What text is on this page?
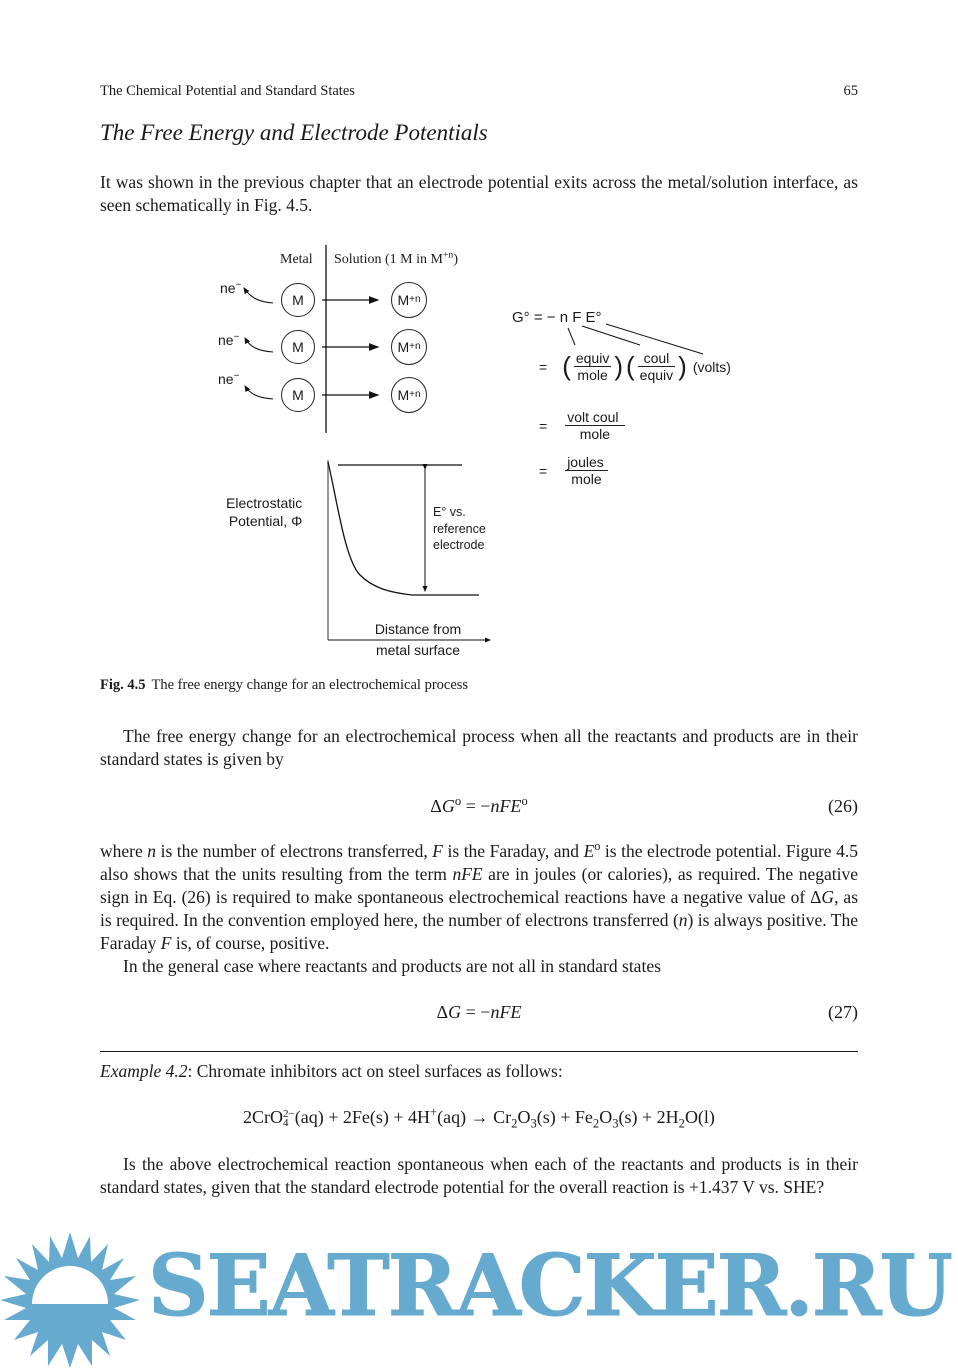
The Chemical Potential and Standard States	65
The Free Energy and Electrode Potentials
It was shown in the previous chapter that an electrode potential exits across the metal/solution interface, as seen schematically in Fig. 4.5.
Metal Solution (1 M in $M^{+n}$)
ne−
ne−
ne−
M
M
M
M +n
M +n
M +n
G° = − n F E°
= ( $\frac{\text{equiv}}{\text{mole}}$ ) ( $\frac{\text{coul}}{\text{equiv}}$ ) (volts)
= $\frac{\text{volt coul}}{\text{mole}}$
= $\frac{\text{joules}}{\text{mole}}$
Electrostatic
Potential, Φ
E° vs.
reference
electrode
Distance from
metal surface
Fig. 4.5 The free energy change for an electrochemical process
The free energy change for an electrochemical process when all the reactants and products are in their standard states is given by
$\Delta G^o = -nFE^o$	(26)
where n is the number of electrons transferred, F is the Faraday, and $E^o$ is the electrode potential. Figure 4.5 also shows that the units resulting from the term nFE are in joules (or calories), as required. The negative sign in Eq. (26) is required to make spontaneous electrochemical reactions have a negative value of ΔG, as is required. In the convention employed here, the number of electrons transferred (n) is always positive. The Faraday F is, of course, positive.
In the general case where reactants and products are not all in standard states
ΔG = −nFE	(27)
Example 4.2: Chromate inhibitors act on steel surfaces as follows:
2CrO 2−
4 $(aq) + 2Fe(s) + 4H^+(aq) \to Cr_2O_3(s) + Fe_2O_3(s) + 2H_2O(l)$
Is the above electrochemical reaction spontaneous when each of the reactants and products is in their standard states, given that the standard electrode potential for the overall reaction is +1.437 V vs. SHE?
SEATRACKER.RU
